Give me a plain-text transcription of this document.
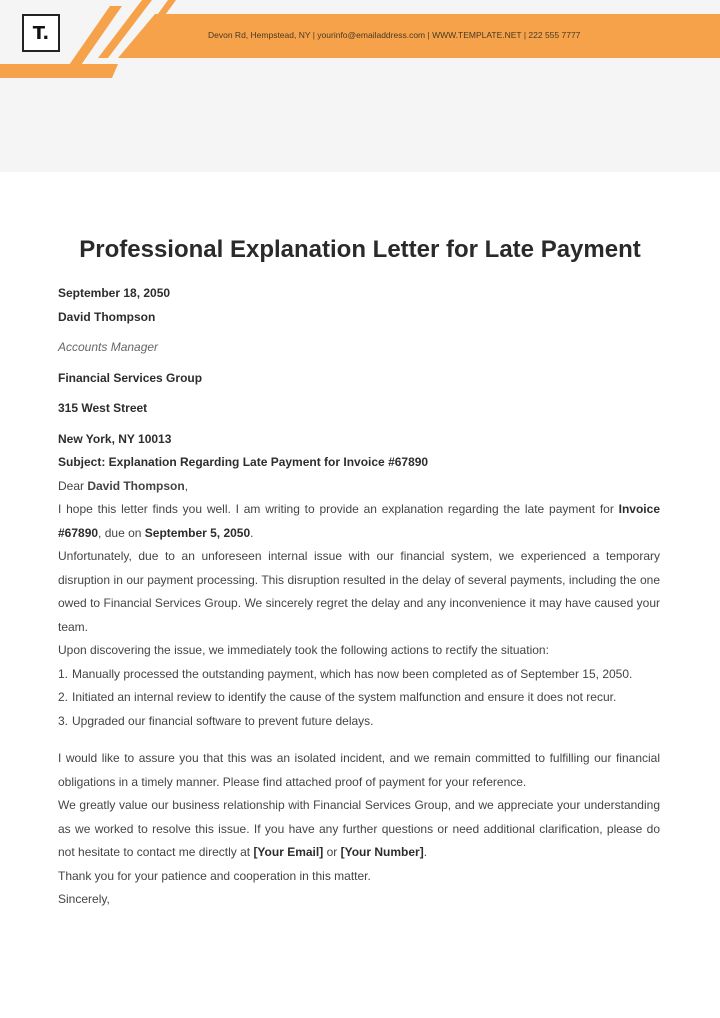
T.	Devon Rd, Hempstead, NY | yourinfo@emailaddress.com | WWW.TEMPLATE.NET | 222 555 7777
Professional Explanation Letter for Late Payment
September 18, 2050
David Thompson
Accounts Manager
Financial Services Group
315 West Street
New York, NY 10013
Subject: Explanation Regarding Late Payment for Invoice #67890
Dear David Thompson,

I hope this letter finds you well. I am writing to provide an explanation regarding the late payment for Invoice #67890, due on September 5, 2050.

Unfortunately, due to an unforeseen internal issue with our financial system, we experienced a temporary disruption in our payment processing. This disruption resulted in the delay of several payments, including the one owed to Financial Services Group. We sincerely regret the delay and any inconvenience it may have caused your team.

Upon discovering the issue, we immediately took the following actions to rectify the situation:

1. Manually processed the outstanding payment, which has now been completed as of September 15, 2050.
2. Initiated an internal review to identify the cause of the system malfunction and ensure it does not recur.
3. Upgraded our financial software to prevent future delays.

I would like to assure you that this was an isolated incident, and we remain committed to fulfilling our financial obligations in a timely manner. Please find attached proof of payment for your reference.

We greatly value our business relationship with Financial Services Group, and we appreciate your understanding as we worked to resolve this issue. If you have any further questions or need additional clarification, please do not hesitate to contact me directly at [Your Email] or [Your Number].

Thank you for your patience and cooperation in this matter.

Sincerely,
